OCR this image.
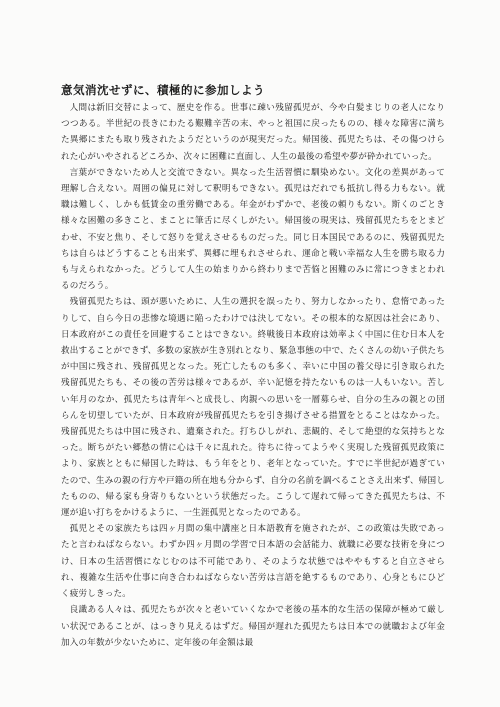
意気消沈せずに、積極的に参加しよう

人間は新旧交替によって、歴史を作る。世事に疎い残留孤児が、今や白髪まじりの老人になりつつある。半世紀の長きにわたる艱難辛苦の末、やっと祖国に戻ったものの、様々な障害に満ちた異郷にまたも取り残されたようだというのが現実だった。帰国後、孤児たちは、その傷つけられた心がいやされるどころか、次々に困難に直面し、人生の最後の希望や夢が砕かれていった。

言葉ができないため人と交流できない。異なった生活習慣に馴染めない。文化の差異があって理解し合えない。周囲の偏見に対して釈明もできない。孤児はだれでも抵抗し得る力もない。就職は難しく、しかも低賃金の重労働である。年金がわずかで、老後の頼りもない。斯くのごとき様々な困難の多きこと、まことに筆舌に尽くしがたい。帰国後の現実は、残留孤児たちをとまどわせ、不安と焦り、そして怒りを覚えさせるものだった。同じ日本国民であるのに、残留孤児たちは自らはどうすることも出来ず、異郷に埋もれさせられ、運命と戦い幸福な人生を勝ち取る力も与えられなかった。どうして人生の始まりから終わりまで苦悩と困難のみに常につきまとわれるのだろう。

残留孤児たちは、頭が悪いために、人生の選択を誤ったり、努力しなかったり、怠惰であったりして、自ら今日の悲惨な境遇に陥ったわけでは決してない。その根本的な原因は社会にあり、日本政府がこの責任を回避することはできない。終戦後日本政府は効率よく中国に住む日本人を救出することができず、多数の家族が生き別れとなり、緊急事態の中で、たくさんの幼い子供たちが中国に残され、残留孤児となった。死亡したものも多く、幸いに中国の養父母に引き取られた残留孤児たちも、その後の苦労は様々であるが、辛い記憶を持たないものは一人もいない。苦しい年月のなか、孤児たちは青年へと成長し、肉親への思いを一層募らせ、自分の生みの親との団らんを切望していたが、日本政府が残留孤児たちを引き揚げさせる措置をとることはなかった。残留孤児たちは中国に残され、遺棄された。打ちひしがれ、悲観的、そして絶望的な気持ちとなった。断ちがたい郷愁の情に心は千々に乱れた。待ちに待ってようやく実現した残留孤児政策により、家族とともに帰国した時は、もう年をとり、老年となっていた。すでに半世紀が過ぎていたので、生みの親の行方や戸籍の所在地も分からず、自分の名前を調べることさえ出来ず、帰国したものの、帰る家も身寄りもないという状態だった。こうして遅れて帰ってきた孤児たちは、不運が追い打ちをかけるように、一生涯孤児となったのである。

孤児とその家族たちは四ヶ月間の集中講座と日本語教育を施されたが、この政策は失敗であったと言わねばならない。わずか四ヶ月間の学習で日本語の会話能力、就職に必要な技術を身につけ、日本の生活習慣になじむのは不可能であり、そのような状態ではややもすると自立させられ、複雑な生活や仕事に向き合わねばならない苦労は言語を絶するものであり、心身ともにひどく疲労しきった。

良識ある人々は、孤児たちが次々と老いていくなかで老後の基本的な生活の保障が極めて厳しい状況であることが、はっきり見えるはずだ。帰国が遅れた孤児たちは日本での就職および年金加入の年数が少ないために、定年後の年金額は最
